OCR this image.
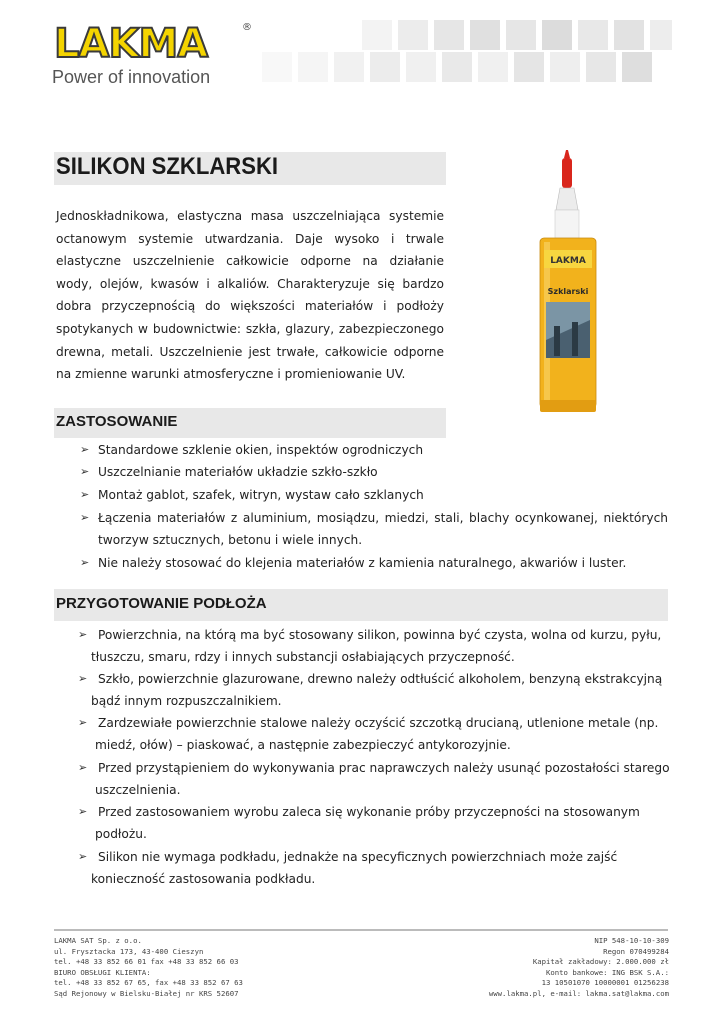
LAKMA	®
Power of innovation
SILIKON SZKLARSKI
Jednoskładnikowa, elastyczna masa uszczelniająca systemie octanowym systemie utwardzania. Daje wysoko i trwale elastyczne uszczelnienie całkowicie odporne na działanie wody, olejów, kwasów i alkaliów. Charakteryzuje się bardzo dobra przyczepnością do większości materiałów i podłoży spotykanych w budownictwie: szkła, glazury, zabezpieczonego drewna, metali. Uszczelnienie jest trwałe, całkowicie odporne na zmienne warunki atmosferyczne i promieniowanie UV.
LAKMA
Szklarski
ZASTOSOWANIE
➢ Standardowe szklenie okien, inspektów ogrodniczych
➢ Uszczelnianie materiałów układzie szkło-szkło
➢ Montaż gablot, szafek, witryn, wystaw cało szklanych
➢ Łączenia materiałów z aluminium, mosiądzu, miedzi, stali, blachy ocynkowanej, niektórych
tworzyw sztucznych, betonu i wiele innych.
➢ Nie należy stosować do klejenia materiałów z kamienia naturalnego, akwariów i luster.
PRZYGOTOWANIE PODŁOŻA
➢ Powierzchnia, na którą ma być stosowany silikon, powinna być czysta, wolna od kurzu, pyłu,
tłuszczu, smaru, rdzy i innych substancji osłabiających przyczepność.
➢ Szkło, powierzchnie glazurowane, drewno należy odtłuścić alkoholem, benzyną ekstrakcyjną
bądź innym rozpuszczalnikiem.
➢ Zardzewiałe powierzchnie stalowe należy oczyścić szczotką drucianą, utlenione metale (np.
miedź, ołów) – piaskować, a następnie zabezpieczyć antykorozyjnie.
➢ Przed przystąpieniem do wykonywania prac naprawczych należy usunąć pozostałości starego
uszczelnienia.
➢ Przed zastosowaniem wyrobu zaleca się wykonanie próby przyczepności na stosowanym
podłożu.
➢ Silikon nie wymaga podkładu, jednakże na specyficznych powierzchniach może zajść
konieczność zastosowania podkładu.
LAKMA SAT Sp. z o.o.
ul. Frysztacka 173, 43-400 Cieszyn
tel. +48 33 852 66 01 fax +48 33 852 66 03
BIURO OBSŁUGI KLIENTA:
tel. +48 33 852 67 65, fax +48 33 852 67 63
Sąd Rejonowy w Bielsku-Białej nr KRS 52607
NIP 548-10-10-309
Regon 070499284
Kapitał zakładowy: 2.000.000 zł
Konto bankowe: ING BSK S.A.:
13 10501070 10000001 01256238
www.lakma.pl, e-mail: lakma.sat@lakma.com
